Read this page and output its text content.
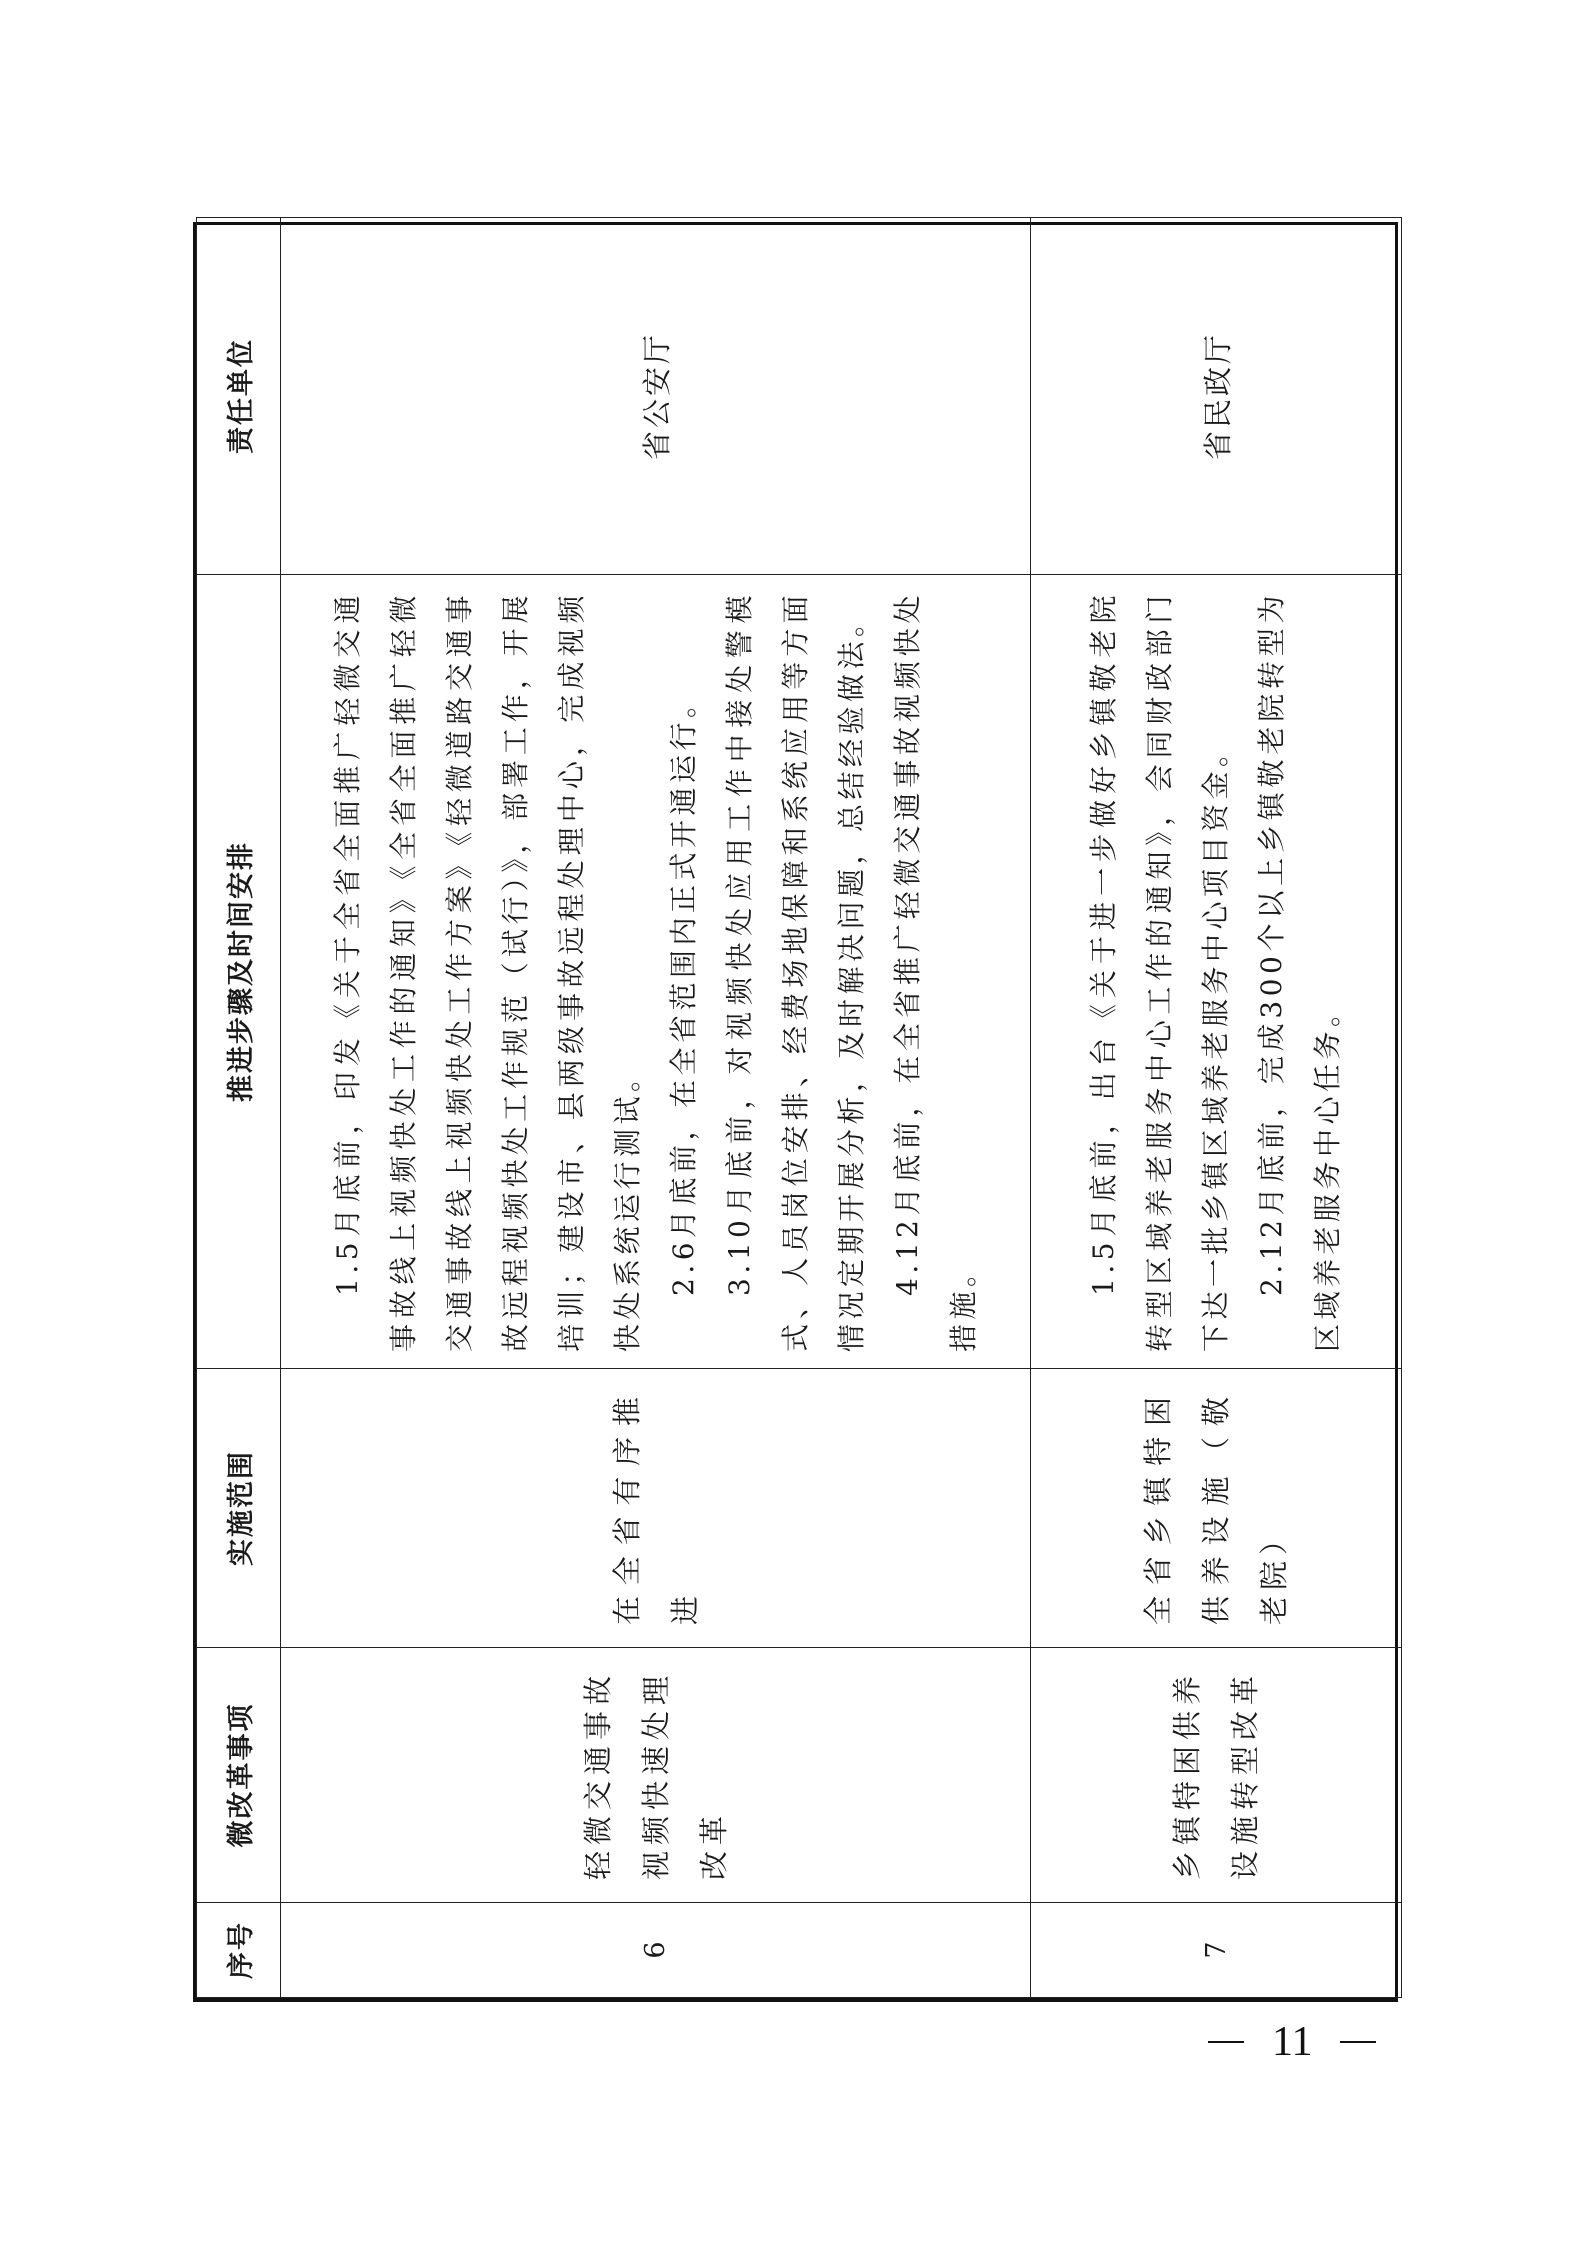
序号	微改革事项	实施范围	推进步骤及时间安排	责任单位
6	轻微交通事故视频快速处理改革	在全省有序推进	1.5月底前，印发《关于全省全面推广轻微交通事故线上视频快处工作的通知》《全省全面推广轻微交通事故线上视频快处工作方案》《轻微道路交通事故远程视频快处工作规范（试行）》，部署工作，开展培训；建设市、县两级事故远程处理中心，完成视频快处系统运行测试。 2.6月底前，在全省范围内正式开通运行。 3.10月底前，对视频快处应用工作中接处警模式、人员岗位安排、经费场地保障和系统应用等方面情况定期开展分析，及时解决问题，总结经验做法。 4.12月底前，在全省推广轻微交通事故视频快处措施。	省公安厅
7	乡镇特困供养设施转型改革	全省乡镇特困供养设施（敬老院）	1.5月底前，出台《关于进一步做好乡镇敬老院转型区域养老服务中心工作的通知》，会同财政部门下达一批乡镇区域养老服务中心项目资金。 2.12月底前，完成300个以上乡镇敬老院转型为区域养老服务中心任务。	省民政厅
11
